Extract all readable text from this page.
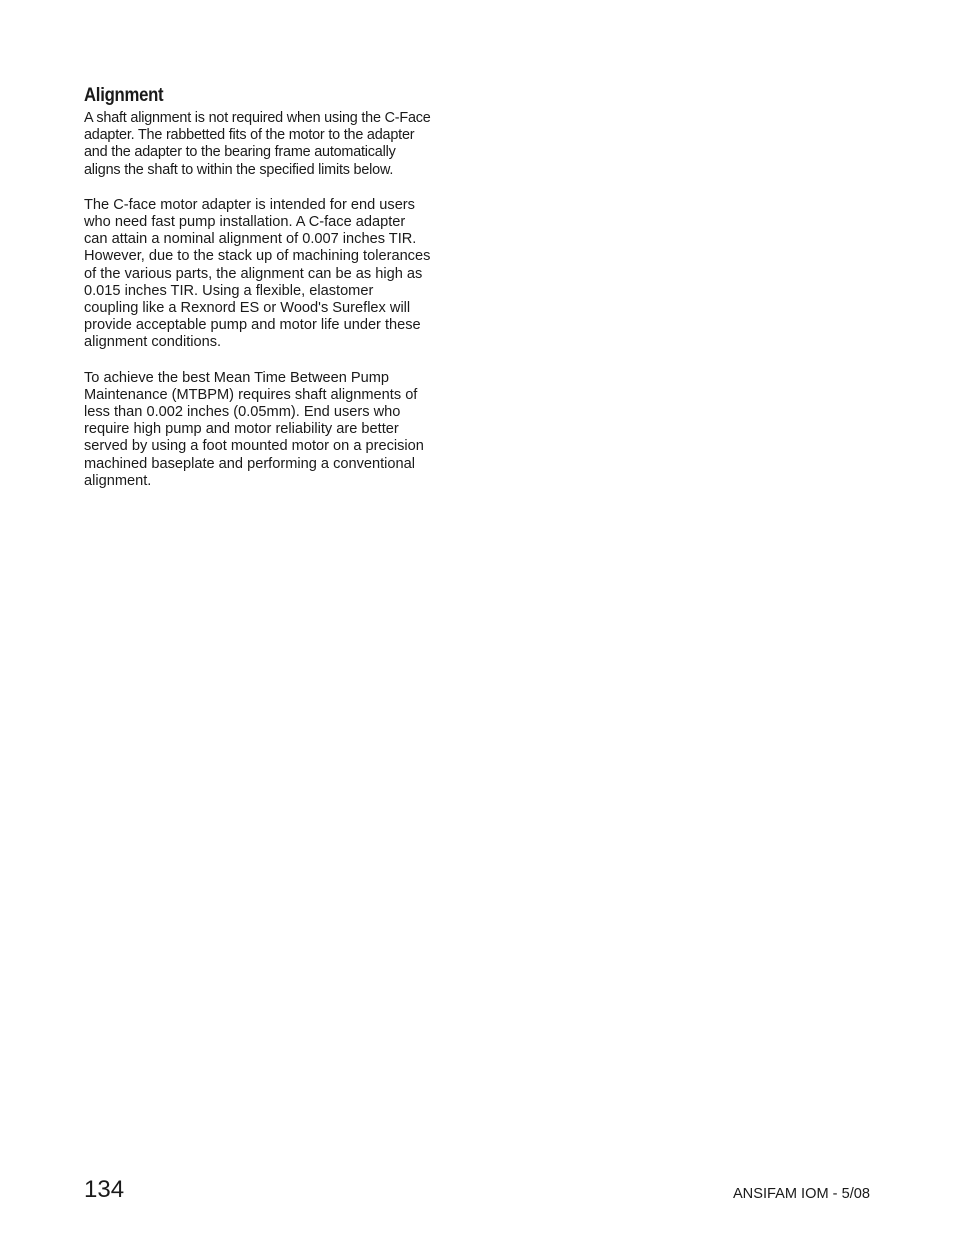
Alignment

A shaft alignment is not required when using the C-Face
adapter. The rabbetted fits of the motor to the adapter
and the adapter to the bearing frame automatically
aligns the shaft to within the specified limits below.

The C-face motor adapter is intended for end users
who need fast pump installation. A C-face adapter
can attain a nominal alignment of 0.007 inches TIR.
However, due to the stack up of machining tolerances
of the various parts, the alignment can be as high as
0.015 inches TIR. Using a flexible, elastomer
coupling like a Rexnord ES or Wood's Sureflex will
provide acceptable pump and motor life under these
alignment conditions.

To achieve the best Mean Time Between Pump
Maintenance (MTBPM) requires shaft alignments of
less than 0.002 inches (0.05mm). End users who
require high pump and motor reliability are better
served by using a foot mounted motor on a precision
machined baseplate and performing a conventional
alignment.

134	ANSIFAM IOM - 5/08
